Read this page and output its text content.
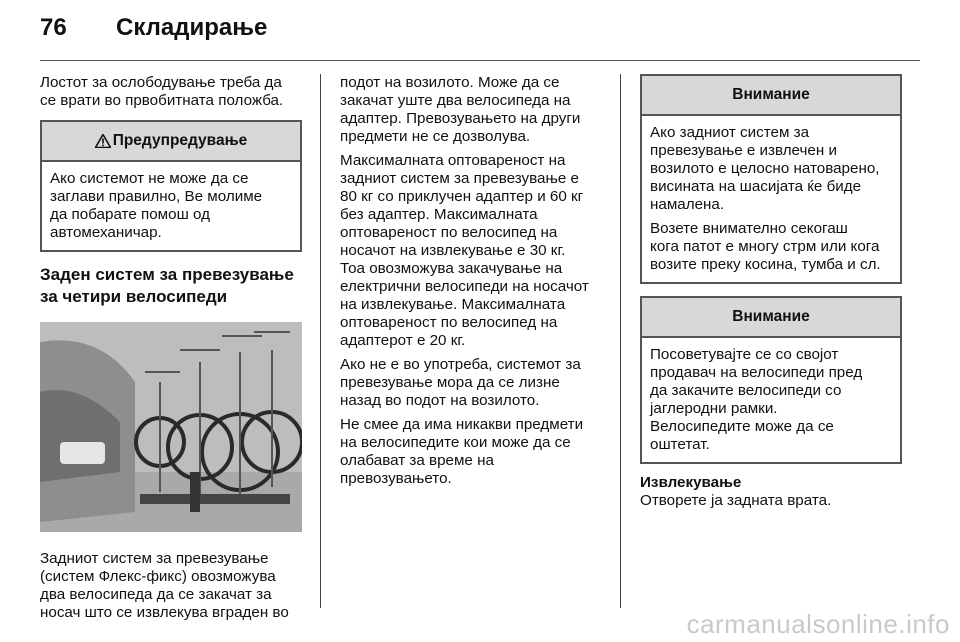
76 Складирање

Лостот за ослободување треба да
се врати во првобитната положба.

Предупредување

Ако системот не може да се
заглави правилно, Ве молиме
да побарате помош од
автомеханичар.

Заден систем за превезување
за четири велосипеди

Задниот систем за превезување
(систем Флекс-фикс) овозможува
два велосипеда да се закачат за
носач што се извлекува вграден во

подот на возилото. Може да се
закачат уште два велосипеда на
адаптер. Превозувањето на други
предмети не се дозволува.

Максималната оптовареност на
задниот систем за превезување е
80 кг со приклучен адаптер и 60 кг
без адаптер. Максималната
оптовареност по велосипед на
носачот на извлекување е 30 кг.
Тоа овозможува закачување на
електрични велосипеди на носачот
на извлекување. Максималната
оптовареност по велосипед на
адаптерот е 20 кг.

Ако не е во употреба, системот за
превезување мора да се лизне
назад во подот на возилото.

Не смее да има никакви предмети
на велосипедите кои може да се
олабават за време на
превозувањето.

Внимание

Ако задниот систем за
превезување е извлечен и
возилото е целосно натоварено,
висината на шасијата ќе биде
намалена.

Возете внимателно секогаш
кога патот е многу стрм или кога
возите преку косина, тумба и сл.

Внимание

Посоветувајте се со својот
продавач на велосипеди пред
да закачите велосипеди со
јаглеродни рамки.
Велосипедите може да се
оштетат.

Извлекување

Отворете ја задната врата.

carmanualsonline.info
